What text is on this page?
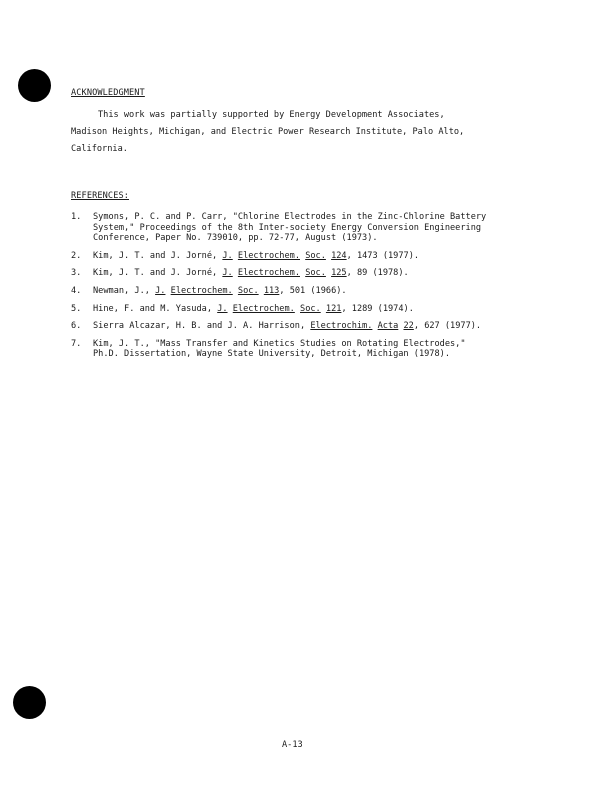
ACKNOWLEDGMENT
This work was partially supported by Energy Development Associates,
Madison Heights, Michigan, and Electric Power Research Institute, Palo Alto,
California.
REFERENCES:
1.	Symons, P. C. and P. Carr, "Chlorine Electrodes in the Zinc-Chlorine Battery
System," Proceedings of the 8th Inter-society Energy Conversion Engineering
Conference, Paper No. 739010, pp. 72-77, August (1973).
2.	Kim, J. T. and J. Jorné, J. Electrochem. Soc. 124, 1473 (1977).
3.	Kim, J. T. and J. Jorné, J. Electrochem. Soc. 125, 89 (1978).
4.	Newman, J., J. Electrochem. Soc. 113, 501 (1966).
5.	Hine, F. and M. Yasuda, J. Electrochem. Soc. 121, 1289 (1974).
6.	Sierra Alcazar, H. B. and J. A. Harrison, Electrochim. Acta 22, 627 (1977).
7.	Kim, J. T., "Mass Transfer and Kinetics Studies on Rotating Electrodes,"
Ph.D. Dissertation, Wayne State University, Detroit, Michigan (1978).
A-13
